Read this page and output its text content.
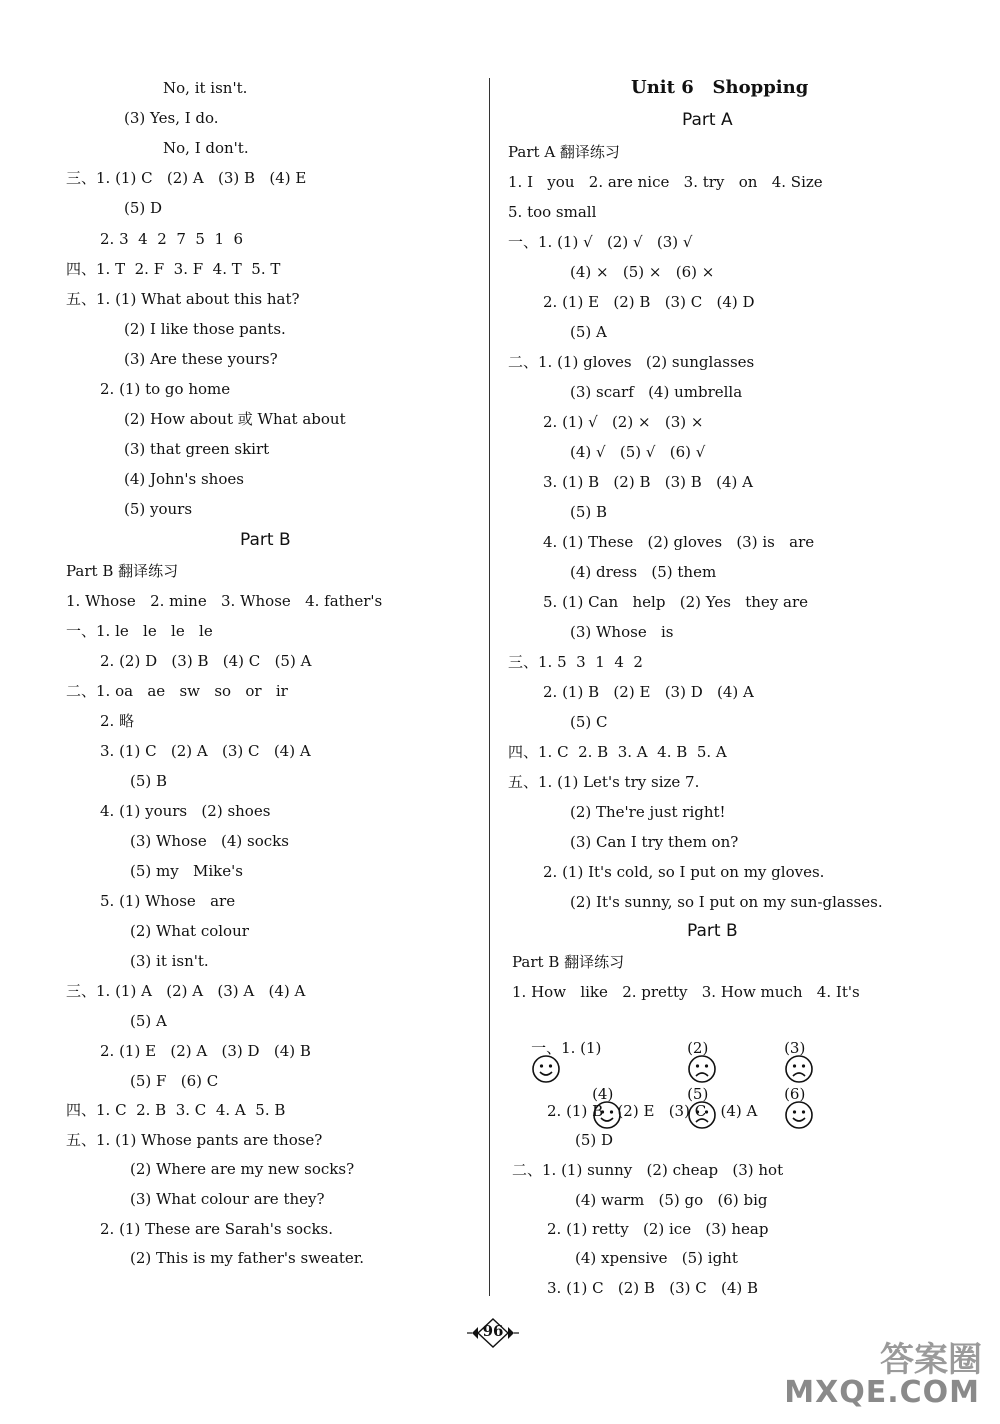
No, it isn't.
(3) Yes, I do.
No, I don't.
三、1. (1) C   (2) A   (3) B   (4) E
(5) D
2. 3  4  2  7  5  1  6
四、1. T  2. F  3. F  4. T  5. T
五、1. (1) What about this hat?
(2) I like those pants.
(3) Are these yours?
2. (1) to go home
(2) How about 或 What about
(3) that green skirt
(4) John's shoes
(5) yours
Part B
Part B 翻译练习
1. Whose   2. mine   3. Whose   4. father's
一、1. le   le   le   le
2. (2) D   (3) B   (4) C   (5) A
二、1. oa   ae   sw   so   or   ir
2. 略
3. (1) C   (2) A   (3) C   (4) A
(5) B
4. (1) yours   (2) shoes
(3) Whose   (4) socks
(5) my   Mike's
5. (1) Whose   are
(2) What colour
(3) it isn't.
三、1. (1) A   (2) A   (3) A   (4) A
(5) A
2. (1) E   (2) A   (3) D   (4) B
(5) F   (6) C
四、1. C  2. B  3. C  4. A  5. B
五、1. (1) Whose pants are those?
(2) Where are my new socks?
(3) What colour are they?
2. (1) These are Sarah's socks.
(2) This is my father's sweater.
Unit 6   Shopping
Part A
Part A 翻译练习
1. I   you   2. are nice   3. try   on   4. Size
5. too small
一、1. (1) √   (2) √   (3) √
(4) ×   (5) ×   (6) ×
2. (1) E   (2) B   (3) C   (4) D
(5) A
二、1. (1) gloves   (2) sunglasses
(3) scarf   (4) umbrella
2. (1) √   (2) ×   (3) ×
(4) √   (5) √   (6) √
3. (1) B   (2) B   (3) B   (4) A
(5) B
4. (1) These   (2) gloves   (3) is   are
(4) dress   (5) them
5. (1) Can   help   (2) Yes   they are
(3) Whose   is
三、1. 5  3  1  4  2
2. (1) B   (2) E   (3) D   (4) A
(5) C
四、1. C  2. B  3. A  4. B  5. A
五、1. (1) Let's try size 7.
(2) The're just right!
(3) Can I try them on?
2. (1) It's cold, so I put on my gloves.
(2) It's sunny, so I put on my sun-glasses.
Part B
Part B 翻译练习
1. How   like   2. pretty   3. How much   4. It's

一、1. (1)

	(2)

	(3)

(4)

	(5)

	(6)

2. (1) B   (2) E   (3) C   (4) A
(5) D
二、1. (1) sunny   (2) cheap   (3) hot
(4) warm   (5) go   (6) big
2. (1) retty   (2) ice   (3) heap
(4) xpensive   (5) ight
3. (1) C   (2) B   (3) C   (4) B
96
答案圈
MXQE.COM
